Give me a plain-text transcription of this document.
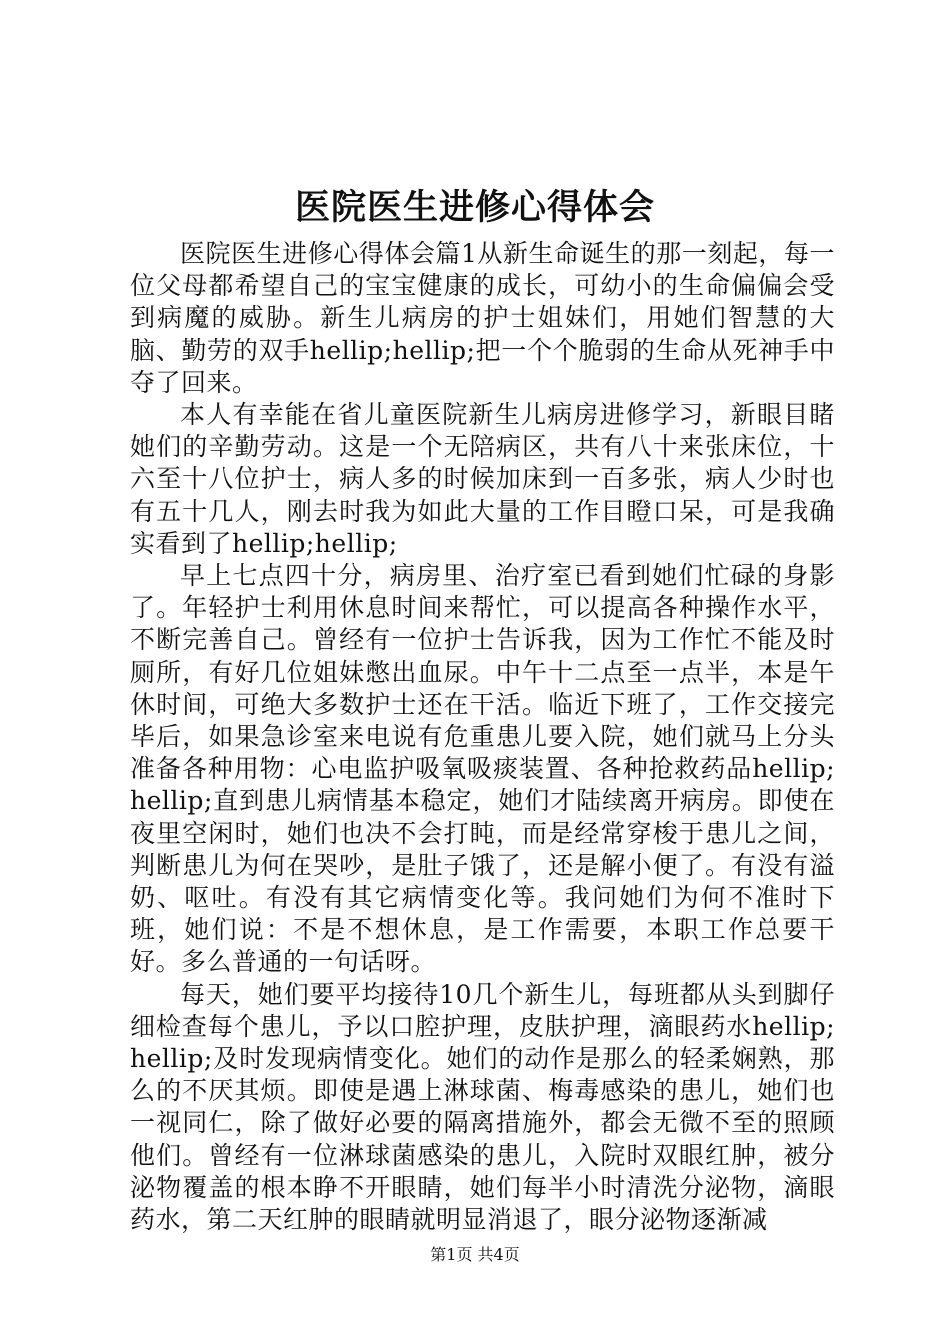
医院医生进修心得体会

医院医生进修心得体会篇1从新生命诞生的那一刻起，每一位父母都希望自己的宝宝健康的成长，可幼小的生命偏偏会受到病魔的威胁。新生儿病房的护士姐妹们，用她们智慧的大脑、勤劳的双手hellip;hellip;把一个个脆弱的生命从死神手中夺了回来。

本人有幸能在省儿童医院新生儿病房进修学习，新眼目睹她们的辛勤劳动。这是一个无陪病区，共有八十来张床位，十六至十八位护士，病人多的时候加床到一百多张，病人少时也有五十几人，刚去时我为如此大量的工作目瞪口呆，可是我确实看到了hellip;hellip;

早上七点四十分，病房里、治疗室已看到她们忙碌的身影了。年轻护士利用休息时间来帮忙，可以提高各种操作水平，不断完善自己。曾经有一位护士告诉我，因为工作忙不能及时厕所，有好几位姐妹憋出血尿。中午十二点至一点半，本是午休时间，可绝大多数护士还在干活。临近下班了，工作交接完毕后，如果急诊室来电说有危重患儿要入院，她们就马上分头准备各种用物：心电监护吸氧吸痰装置、各种抢救药品hellip;hellip;直到患儿病情基本稳定，她们才陆续离开病房。即使在夜里空闲时，她们也决不会打盹，而是经常穿梭于患儿之间，判断患儿为何在哭吵，是肚子饿了，还是解小便了。有没有溢奶、呕吐。有没有其它病情变化等。我问她们为何不准时下班，她们说：不是不想休息，是工作需要，本职工作总要干好。多么普通的一句话呀。

每天，她们要平均接待10几个新生儿，每班都从头到脚仔细检查每个患儿，予以口腔护理，皮肤护理，滴眼药水hellip;hellip;及时发现病情变化。她们的动作是那么的轻柔娴熟，那么的不厌其烦。即使是遇上淋球菌、梅毒感染的患儿，她们也一视同仁，除了做好必要的隔离措施外，都会无微不至的照顾他们。曾经有一位淋球菌感染的患儿，入院时双眼红肿，被分泌物覆盖的根本睁不开眼睛，她们每半小时清洗分泌物，滴眼药水，第二天红肿的眼睛就明显消退了，眼分泌物逐渐减

第1页 共4页
